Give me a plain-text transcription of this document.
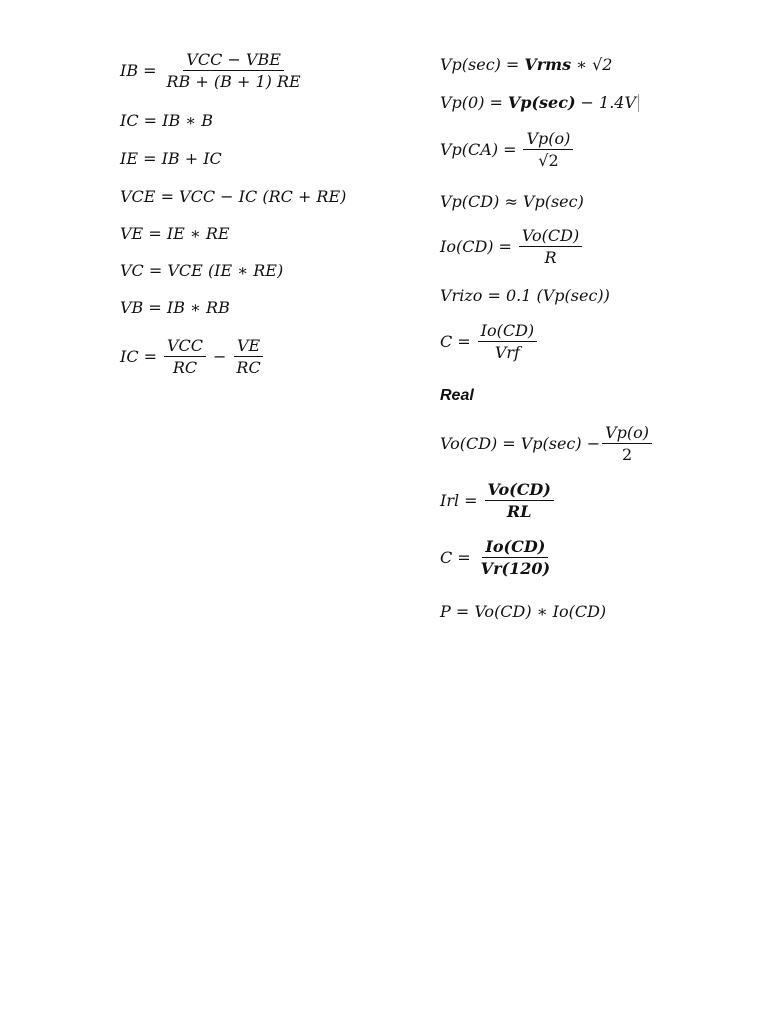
IB = $\frac{\text{VCC − VBE}}{RB + (B + 1) RE}$
IC = IB ∗ B
IE = IB + IC
VCE = VCC − IC (RC + RE)
VE = IE ∗ RE
VC = VCE (IE ∗ RE)
VB = IB ∗ RB
IC = $\frac{\text{VCC}}{RC} - \frac{VE}{RC}$
Vp(sec) = Vrms ∗ √2
Vp(0) = Vp(sec) − 1.4V
$Vp(CA) = \frac{Vp(o)}{√2}$
Vp(CD) ≈ Vp(sec)
$Io(CD) = \frac{Vo(CD)}{R}$
Vrizo = 0.1 (Vp(sec))
$C = \frac{Io(CD)}{\text{Vrf}}$
Real
$Vo(CD) = Vp(\sec) - \frac{Vp(o)}{2}$
Irl = $\frac{Vo(CD)}{RL}$
$C = \frac{Io(CD)}{Vr(120)}$
P = Vo(CD) ∗ Io(CD)
